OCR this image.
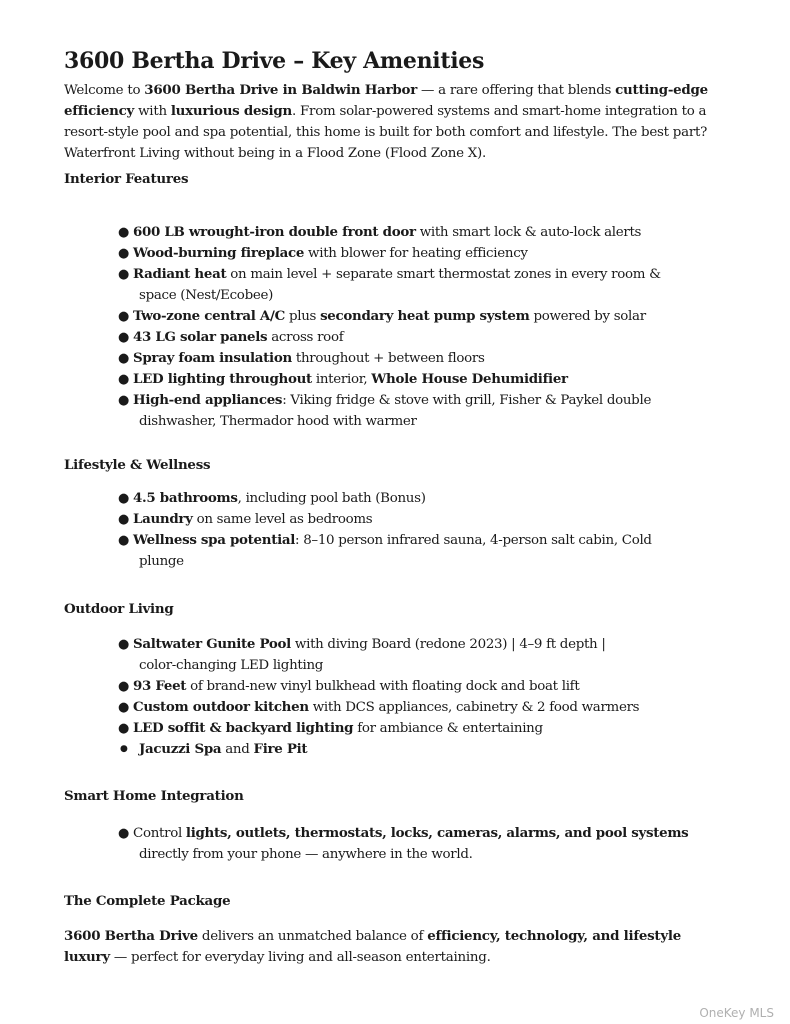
3600 Bertha Drive – Key Amenities

Welcome to 3600 Bertha Drive in Baldwin Harbor — a rare offering that blends cutting-edge efficiency with luxurious design. From solar-powered systems and smart-home integration to a resort-style pool and spa potential, this home is built for both comfort and lifestyle. The best part? Waterfront Living without being in a Flood Zone (Flood Zone X).

Interior Features

● 600 LB wrought-iron double front door with smart lock & auto-lock alerts
● Wood-burning fireplace with blower for heating efficiency
● Radiant heat on main level + separate smart thermostat zones in every room &
space (Nest/Ecobee)
● Two-zone central A/C plus secondary heat pump system powered by solar
● 43 LG solar panels across roof
● Spray foam insulation throughout + between floors
● LED lighting throughout interior, Whole House Dehumidifier
● High-end appliances: Viking fridge & stove with grill, Fisher & Paykel double
dishwasher, Thermador hood with warmer

Lifestyle & Wellness

● 4.5 bathrooms, including pool bath (Bonus)
● Laundry on same level as bedrooms
● Wellness spa potential: 8–10 person infrared sauna, 4-person salt cabin, Cold
plunge

Outdoor Living

● Saltwater Gunite Pool with diving Board (redone 2023) | 4–9 ft depth |
color-changing LED lighting
● 93 Feet of brand-new vinyl bulkhead with floating dock and boat lift
● Custom outdoor kitchen with DCS appliances, cabinetry & 2 food warmers
● LED soffit & backyard lighting for ambiance & entertaining
● Jacuzzi Spa and Fire Pit

Smart Home Integration

● Control lights, outlets, thermostats, locks, cameras, alarms, and pool systems
directly from your phone — anywhere in the world.

The Complete Package

3600 Bertha Drive delivers an unmatched balance of efficiency, technology, and lifestyle luxury — perfect for everyday living and all-season entertaining.

OneKey MLS
